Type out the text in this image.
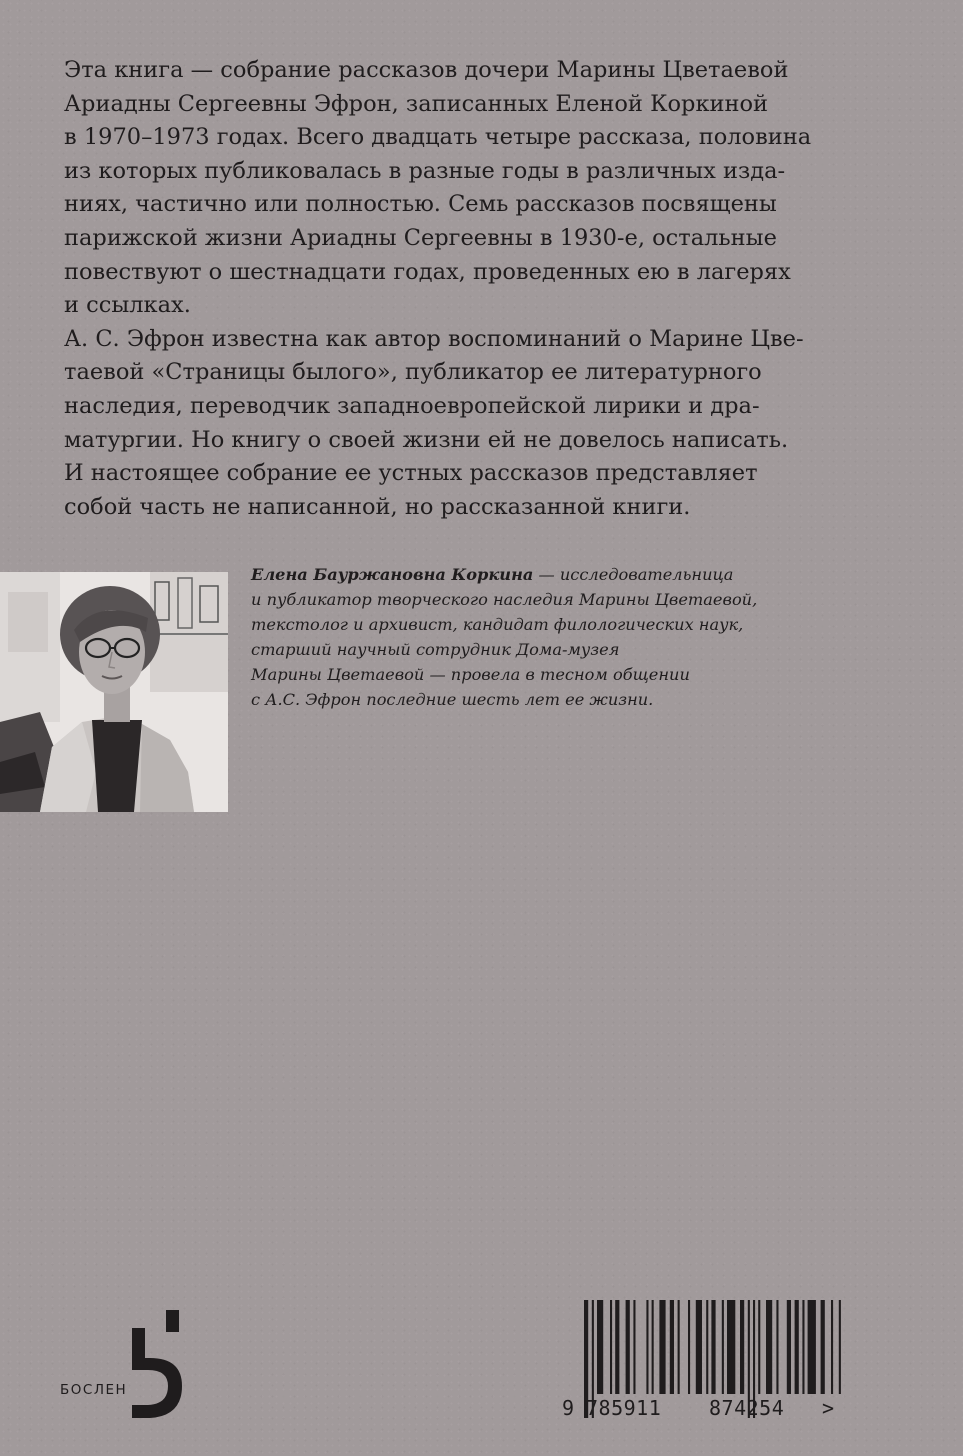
Эта книга — собрание рассказов дочери Марины Цветаевой
Ариадны Сергеевны Эфрон, записанных Еленой Коркиной
в 1970–1973 годах. Всего двадцать четыре рассказа, половина
из которых публиковалась в разные годы в различных изда-
ниях, частично или полностью. Семь рассказов посвящены
парижской жизни Ариадны Сергеевны в 1930-е, остальные
повествуют о шестнадцати годах, проведенных ею в лагерях
и ссылках.

А. С. Эфрон известна как автор воспоминаний о Марине Цве-
таевой «Страницы былого», публикатор ее литературного
наследия, переводчик западноевропейской лирики и дра-
матургии. Но книгу о своей жизни ей не довелось написать.
И настоящее собрание ее устных рассказов представляет
собой часть не написанной, но рассказанной книги.

Елена Бауржановна Коркина — исследовательница
и публикатор творческого наследия Марины Цветаевой,
текстолог и архивист, кандидат филологических наук,
старший научный сотрудник Дома-музея
Марины Цветаевой — провела в тесном общении
с А.С. Эфрон последние шесть лет ее жизни.
БОСЛЕН
9 785911 874254 >
